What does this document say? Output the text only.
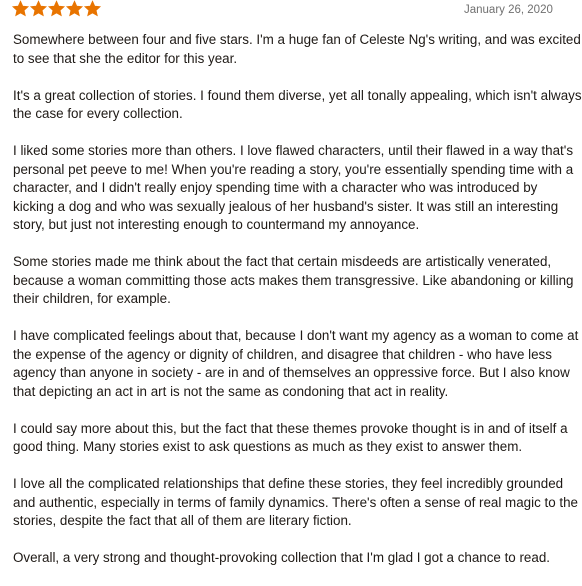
January 26, 2020

Somewhere between four and five stars. I'm a huge fan of Celeste Ng's writing, and was excited
to see that she the editor for this year.

It's a great collection of stories. I found them diverse, yet all tonally appealing, which isn't always
the case for every collection.

I liked some stories more than others. I love flawed characters, until their flawed in a way that's
personal pet peeve to me! When you're reading a story, you're essentially spending time with a
character, and I didn't really enjoy spending time with a character who was introduced by
kicking a dog and who was sexually jealous of her husband's sister. It was still an interesting
story, but just not interesting enough to countermand my annoyance.

Some stories made me think about the fact that certain misdeeds are artistically venerated,
because a woman committing those acts makes them transgressive. Like abandoning or killing
their children, for example.

I have complicated feelings about that, because I don't want my agency as a woman to come at
the expense of the agency or dignity of children, and disagree that children - who have less
agency than anyone in society - are in and of themselves an oppressive force. But I also know
that depicting an act in art is not the same as condoning that act in reality.

I could say more about this, but the fact that these themes provoke thought is in and of itself a
good thing. Many stories exist to ask questions as much as they exist to answer them.

I love all the complicated relationships that define these stories, they feel incredibly grounded
and authentic, especially in terms of family dynamics. There's often a sense of real magic to the
stories, despite the fact that all of them are literary fiction.

Overall, a very strong and thought-provoking collection that I'm glad I got a chance to read.
